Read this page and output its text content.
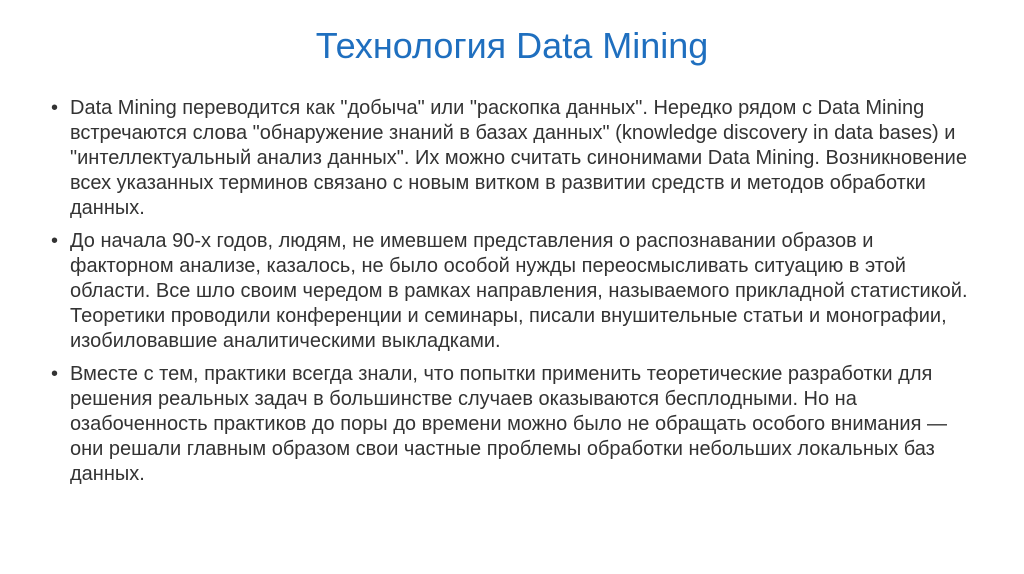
Технология Data Mining
• Data Mining переводится как "добыча" или "раскопка данных". Нередко рядом с Data Mining встречаются слова "обнаружение знаний в базах данных" (knowledge discovery in data bases) и "интеллектуальный анализ данных". Их можно считать синонимами Data Mining. Возникновение всех указанных терминов связано с новым витком в развитии средств и методов обработки данных.
• До начала 90-х годов, людям, не имевшем представления о распознавании образов и факторном анализе, казалось, не было особой нужды переосмысливать ситуацию в этой области. Все шло своим чередом в рамках направления, называемого прикладной статистикой. Теоретики проводили конференции и семинары, писали внушительные статьи и монографии, изобиловавшие аналитическими выкладками.
• Вместе с тем, практики всегда знали, что попытки применить теоретические разработки для решения реальных задач в большинстве случаев оказываются бесплодными. Но на озабоченность практиков до поры до времени можно было не обращать особого внимания — они решали главным образом свои частные проблемы обработки небольших локальных баз данных.
